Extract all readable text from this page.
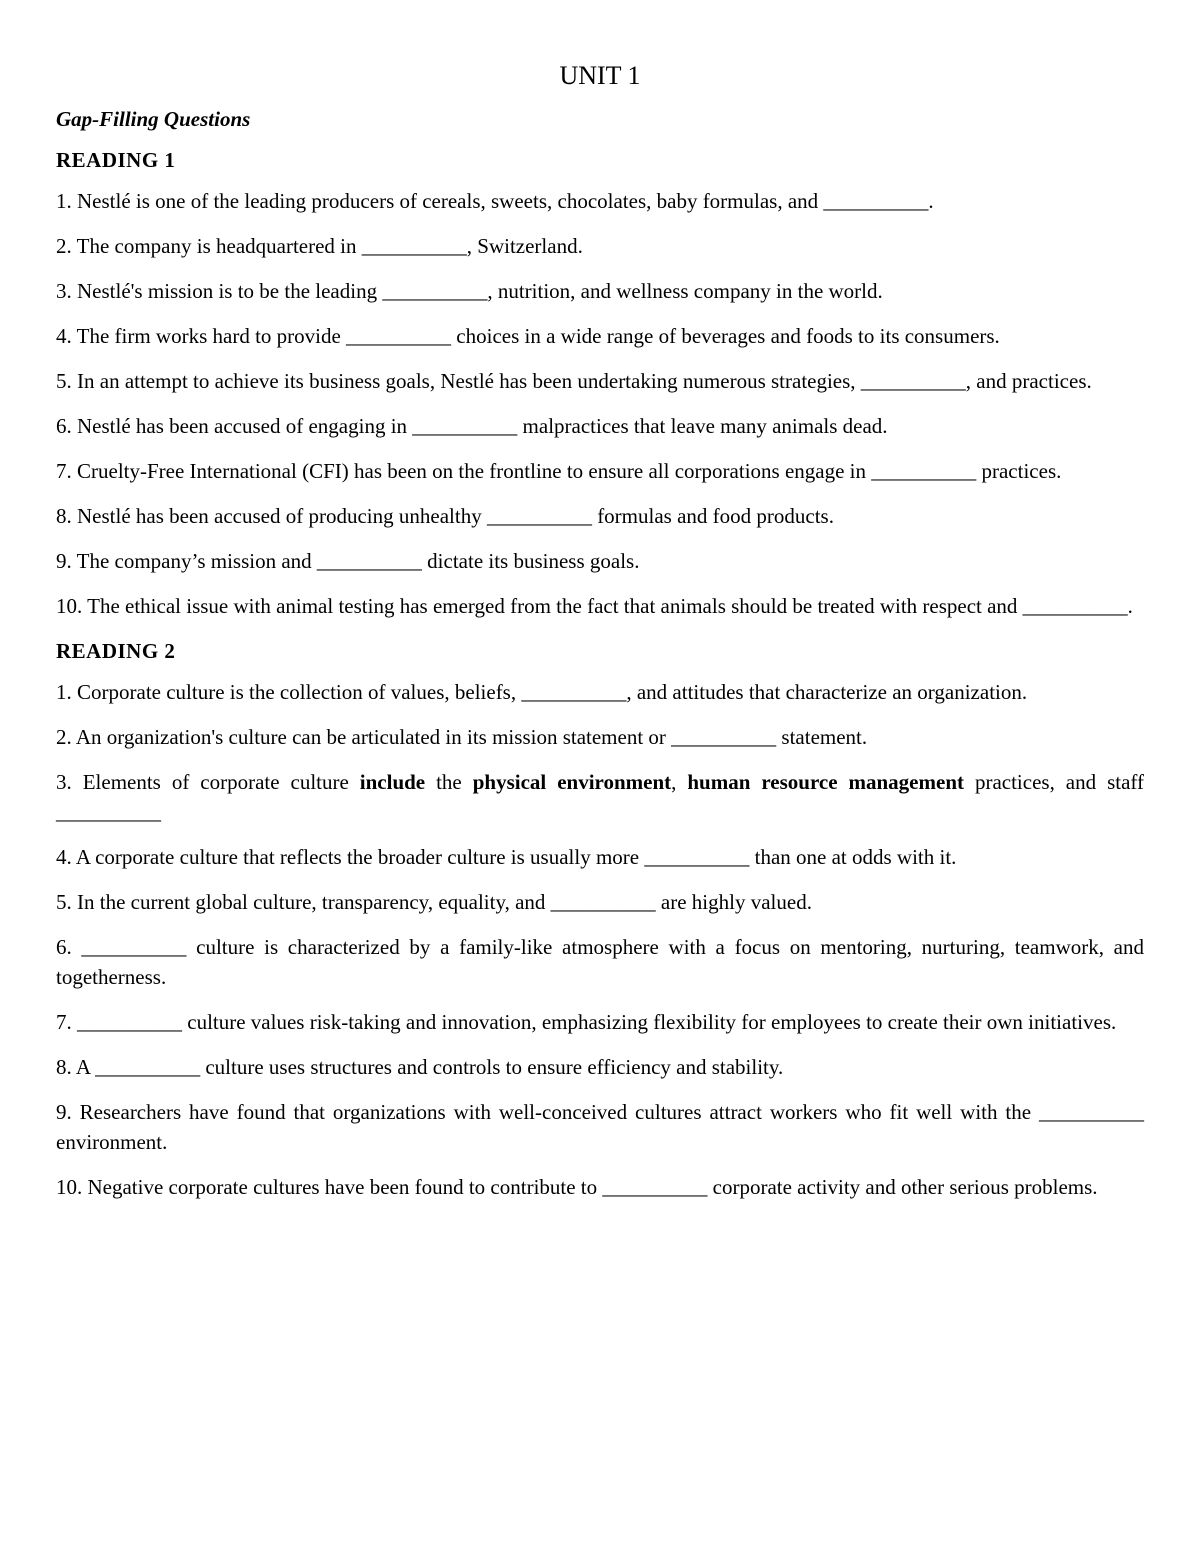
UNIT 1
Gap-Filling Questions
READING 1
1. Nestlé is one of the leading producers of cereals, sweets, chocolates, baby formulas, and __________.
2. The company is headquartered in __________, Switzerland.
3. Nestlé's mission is to be the leading __________, nutrition, and wellness company in the world.
4. The firm works hard to provide __________ choices in a wide range of beverages and foods to its consumers.
5. In an attempt to achieve its business goals, Nestlé has been undertaking numerous strategies, __________, and practices.
6. Nestlé has been accused of engaging in __________ malpractices that leave many animals dead.
7. Cruelty-Free International (CFI) has been on the frontline to ensure all corporations engage in __________ practices.
8. Nestlé has been accused of producing unhealthy __________ formulas and food products.
9. The company’s mission and __________ dictate its business goals.
10. The ethical issue with animal testing has emerged from the fact that animals should be treated with respect and __________.
READING 2
1. Corporate culture is the collection of values, beliefs, __________, and attitudes that characterize an organization.
2. An organization's culture can be articulated in its mission statement or __________ statement.
3. Elements of corporate culture include the physical environment, human resource management practices, and staff __________
4. A corporate culture that reflects the broader culture is usually more __________ than one at odds with it.
5. In the current global culture, transparency, equality, and __________ are highly valued.
6. __________ culture is characterized by a family-like atmosphere with a focus on mentoring, nurturing, teamwork, and togetherness.
7. __________ culture values risk-taking and innovation, emphasizing flexibility for employees to create their own initiatives.
8. A __________ culture uses structures and controls to ensure efficiency and stability.
9. Researchers have found that organizations with well-conceived cultures attract workers who fit well with the __________ environment.
10. Negative corporate cultures have been found to contribute to __________ corporate activity and other serious problems.
